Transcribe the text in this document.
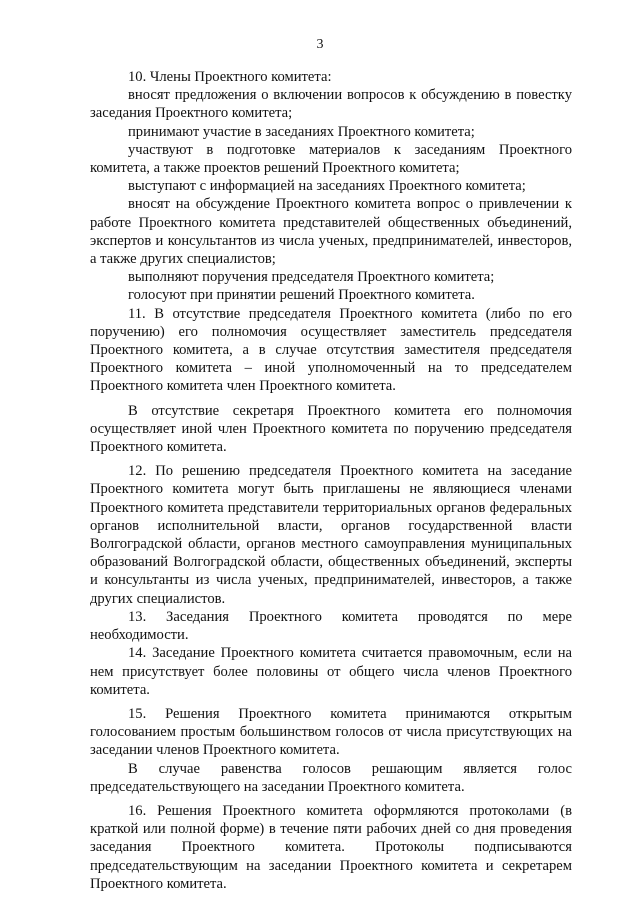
3

10. Члены Проектного комитета:

вносят предложения о включении вопросов к обсуждению в повестку заседания Проектного комитета;

принимают участие в заседаниях Проектного комитета;

участвуют в подготовке материалов к заседаниям Проектного комитета, а также проектов решений Проектного комитета;

выступают с информацией на заседаниях Проектного комитета;

вносят на обсуждение Проектного комитета вопрос о привлечении к работе Проектного комитета представителей общественных объединений, экспертов и консультантов из числа ученых, предпринимателей, инвесторов, а также других специалистов;

выполняют поручения председателя Проектного комитета;

голосуют при принятии решений Проектного комитета.

11. В отсутствие председателя Проектного комитета (либо по его поручению) его полномочия осуществляет заместитель председателя Проектного комитета, а в случае отсутствия заместителя председателя Проектного комитета – иной уполномоченный на то председателем Проектного комитета член Проектного комитета.

В отсутствие секретаря Проектного комитета его полномочия осуществляет иной член Проектного комитета по поручению председателя Проектного комитета.

12. По решению председателя Проектного комитета на заседание Проектного комитета могут быть приглашены не являющиеся членами Проектного комитета представители территориальных органов федеральных органов исполнительной власти, органов государственной власти Волгоградской области, органов местного самоуправления муниципальных образований Волгоградской области, общественных объединений, эксперты и консультанты из числа ученых, предпринимателей, инвесторов, а также других специалистов.

13. Заседания Проектного комитета проводятся по мере необходимости.

14. Заседание Проектного комитета считается правомочным, если на нем присутствует более половины от общего числа членов Проектного комитета.

15. Решения Проектного комитета принимаются открытым голосованием простым большинством голосов от числа присутствующих на заседании членов Проектного комитета.

В случае равенства голосов решающим является голос председательствующего на заседании Проектного комитета.

16. Решения Проектного комитета оформляются протоколами (в краткой или полной форме) в течение пяти рабочих дней со дня проведения заседания Проектного комитета. Протоколы подписываются председательствующим на заседании Проектного комитета и секретарем Проектного комитета.
